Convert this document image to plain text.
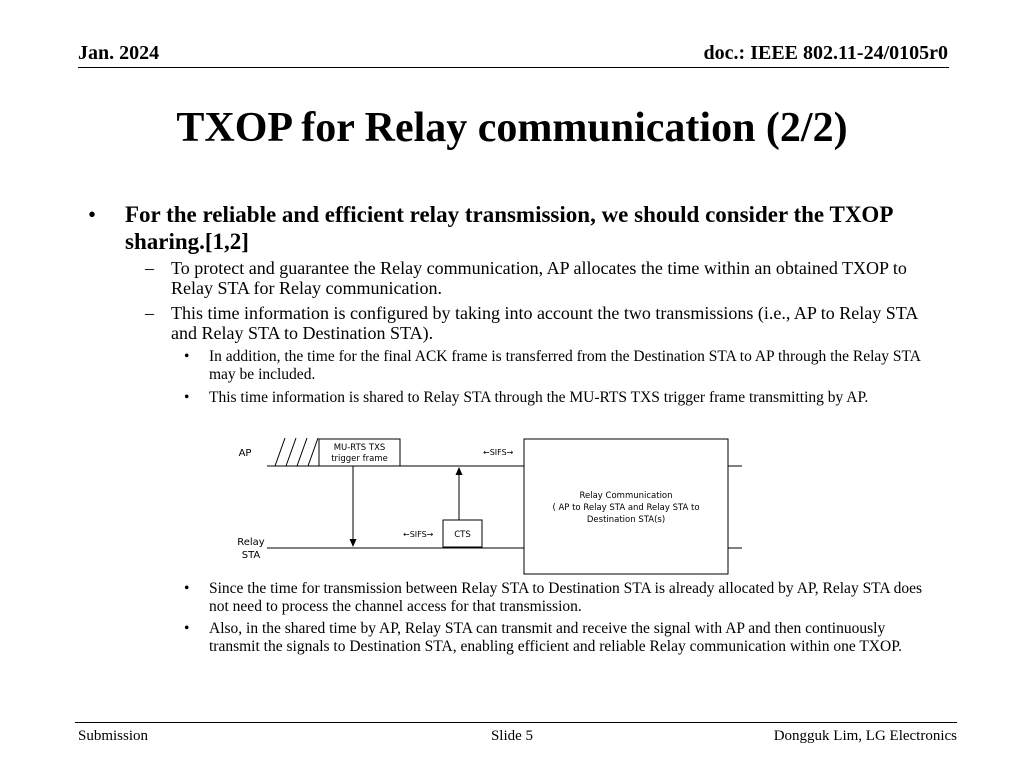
Jan. 2024	doc.: IEEE 802.11-24/0105r0
TXOP for Relay communication (2/2)
• For the reliable and efficient relay transmission, we should consider the TXOP sharing.[1,2]
– To protect and guarantee the Relay communication, AP allocates the time within an obtained TXOP to Relay STA for Relay communication.
– This time information is configured by taking into account the two transmissions (i.e., AP to Relay STA and Relay STA to Destination STA).
• In addition, the time for the final ACK frame is transferred from the Destination STA to AP through the Relay STA may be included.
• This time information is shared to Relay STA through the MU-RTS TXS trigger frame transmitting by AP.
MU-RTS TXS
trigger frame
AP
Relay
STA
CTS
←SIFS→
←SIFS→
Relay Communication
( AP to Relay STA and Relay STA to
Destination STA(s)
• Since the time for transmission between Relay STA to Destination STA is already allocated by AP, Relay STA does not need to process the channel access for that transmission.
• Also, in the shared time by AP, Relay STA can transmit and receive the signal with AP and then continuously transmit the signals to Destination STA, enabling efficient and reliable Relay communication within one TXOP.
Submission	Slide 5	Dongguk Lim, LG Electronics
